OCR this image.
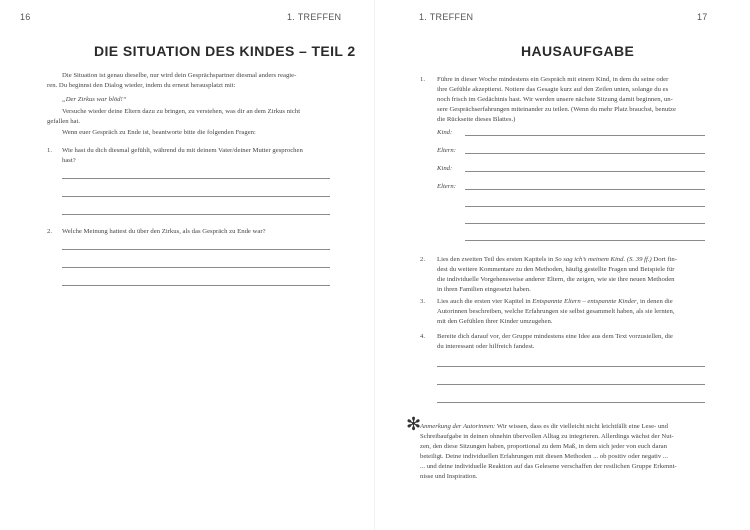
16	1. TREFFEN
DIE SITUATION DES KINDES – TEIL 2
Die Situation ist genau dieselbe, nur wird dein Gesprächspartner diesmal anders reagie-
ren. Du beginnst den Dialog wieder, indem du erneut herausplatzt mit:
„Der Zirkus war blöd!“
Versuche wieder deine Eltern dazu zu bringen, zu verstehen, was dir an dem Zirkus nicht
gefallen hat.
Wenn euer Gespräch zu Ende ist, beantworte bitte die folgenden Fragen:
1. Wie hast du dich diesmal gefühlt, während du mit deinem Vater/deiner Mutter gesprochen
hast?
2. Welche Meinung hattest du über den Zirkus, als das Gespräch zu Ende war?
1. TREFFEN	17
HAUSAUFGABE
1. Führe in dieser Woche mindestens ein Gespräch mit einem Kind, in dem du seine oder
ihre Gefühle akzeptierst. Notiere das Gesagte kurz auf den Zeilen unten, solange du es
noch frisch im Gedächtnis hast. Wir werden unsere nächste Sitzung damit beginnen, un-
sere Gesprächserfahrungen miteinander zu teilen. (Wenn du mehr Platz brauchst, benutze
die Rückseite dieses Blattes.)
Kind:
Eltern:
Kind:
Eltern:
2. Lies den zweiten Teil des ersten Kapitels in So sag ich’s meinem Kind. (S. 39 ff.) Dort fin-
dest du weitere Kommentare zu den Methoden, häufig gestellte Fragen und Beispiele für
die individuelle Vorgehensweise anderer Eltern, die zeigen, wie sie ihre neuen Methoden
in ihren Familien eingesetzt haben.
3. Lies auch die ersten vier Kapitel in Entspannte Eltern – entspannte Kinder, in denen die
Autorinnen beschreiben, welche Erfahrungen sie selbst gesammelt haben, als sie lernten,
mit den Gefühlen ihrer Kinder umzugehen.
4. Bereite dich darauf vor, der Gruppe mindestens eine Idee aus dem Text vorzustellen, die
du interessant oder hilfreich fandest.
✻
Anmerkung der Autorinnen: Wir wissen, dass es dir vielleicht nicht leichtfällt eine Lese- und
Schreibaufgabe in deinen ohnehin übervollen Alltag zu integrieren. Allerdings wächst der Nut-
zen, den diese Sitzungen haben, proportional zu dem Maß, in dem sich jeder von euch daran
beteiligt. Deine individuellen Erfahrungen mit diesen Methoden ... ob positiv oder negativ ...
... und deine individuelle Reaktion auf das Gelesene verschaffen der restlichen Gruppe Erkennt-
nisse und Inspiration.
